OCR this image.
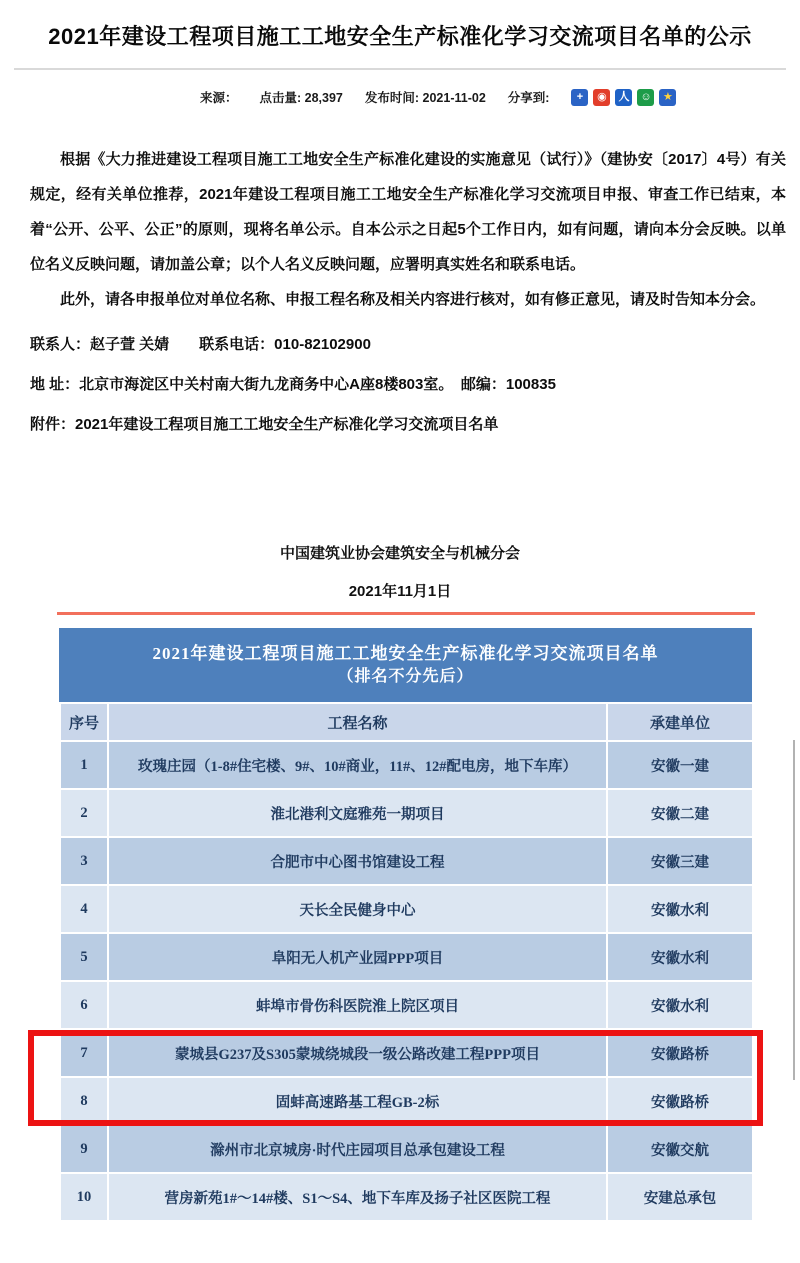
2021年建设工程项目施工工地安全生产标准化学习交流项目名单的公示
来源： 点击量: 28,397 发布时间: 2021-11-02 分享到:	+	◉	人 ☺	★

根据《大力推进建设工程项目施工工地安全生产标准化建设的实施意见（试行）》（建协安〔2017〕4号）有关规定，经有关单位推荐，2021年建设工程项目施工工地安全生产标准化学习交流项目申报、审查工作已结束，本着“公开、公平、公正”的原则，现将名单公示。自本公示之日起5个工作日内，如有问题，请向本分会反映。以单位名义反映问题，请加盖公章；以个人名义反映问题，应署明真实姓名和联系电话。

此外，请各申报单位对单位名称、申报工程名称及相关内容进行核对，如有修正意见，请及时告知本分会。

联系人：赵子萱 关婧　　联系电话：010-82102900
地 址：北京市海淀区中关村南大街九龙商务中心A座8楼803室。　邮编：100835
附件：2021年建设工程项目施工工地安全生产标准化学习交流项目名单
中国建筑业协会建筑安全与机械分会
2021年11月1日
2021年建设工程项目施工工地安全生产标准化学习交流项目名单
（排名不分先后）
序号	工程名称	承建单位
1	玫瑰庄园（1-8#住宅楼、9#、10#商业，11#、12#配电房，地下车库）	安徽一建
2	淮北港利文庭雅苑一期项目	安徽二建
3	合肥市中心图书馆建设工程	安徽三建
4	天长全民健身中心	安徽水利
5	阜阳无人机产业园PPP项目	安徽水利
6	蚌埠市骨伤科医院淮上院区项目	安徽水利
7	蒙城县G237及S305蒙城绕城段一级公路改建工程PPP项目	安徽路桥
8	固蚌高速路基工程GB-2标	安徽路桥
9	滁州市北京城房·时代庄园项目总承包建设工程	安徽交航
10	营房新苑1#～14#楼、S1～S4、地下车库及扬子社区医院工程	安建总承包
